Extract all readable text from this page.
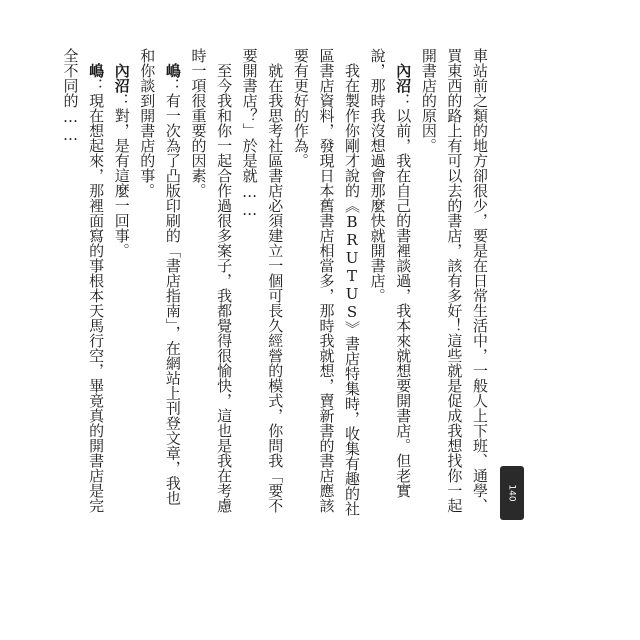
車站前之類的地方卻很少，要是在日常生活中，一般人上下班、通學、買東西的路上有可以去的書店，該有多好！這些就是促成我想找你一起開書店的原因。

內沼：以前，我在自己的書裡談過，我本來就想要開書店。但老實說，那時我沒想過會那麼快就開書店。

我在製作你剛才說的《BRUTUS》書店特集時，收集有趣的社區書店資料，發現日本舊書店相當多，那時我就想，賣新書的書店應該要有更好的作為。

就在我思考社區書店必須建立一個可長久經營的模式，你問我「要不要開書店？」於是就……

至今我和你一起合作過很多案子，我都覺得很愉快，這也是我在考慮時一項很重要的因素。

嶋：有一次為了凸版印刷的「書店指南」，在網站上刊登文章，我也和你談到開書店的事。

內沼：對，是有這麼一回事。

嶋：現在想起來，那裡面寫的事根本天馬行空，畢竟真的開書店是完全不同的……

140
